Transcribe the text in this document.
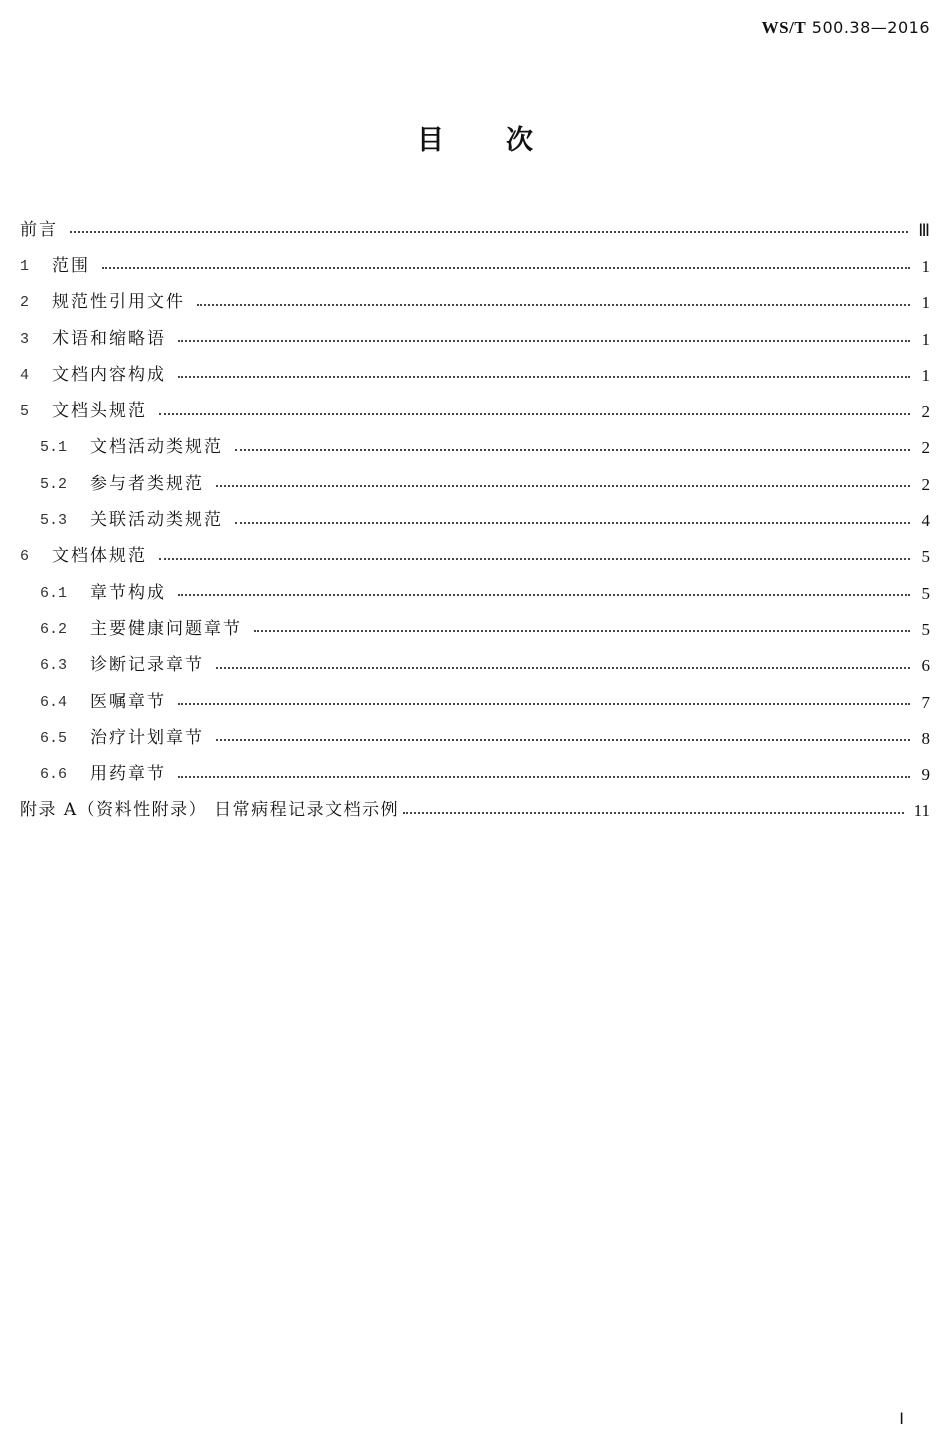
WS/T 500.38—2016
目次
前言	Ⅲ
1	范围	1
2	规范性引用文件	1
3	术语和缩略语	1
4	文档内容构成	1
5	文档头规范	2
5.1	文档活动类规范	2
5.2	参与者类规范	2
5.3	关联活动类规范	4
6	文档体规范	5
6.1	章节构成	5
6.2	主要健康问题章节	5
6.3	诊断记录章节	6
6.4	医嘱章节	7
6.5	治疗计划章节	8
6.6	用药章节	9
附录 A（资料性附录） 日常病程记录文档示例	11
Ⅰ
